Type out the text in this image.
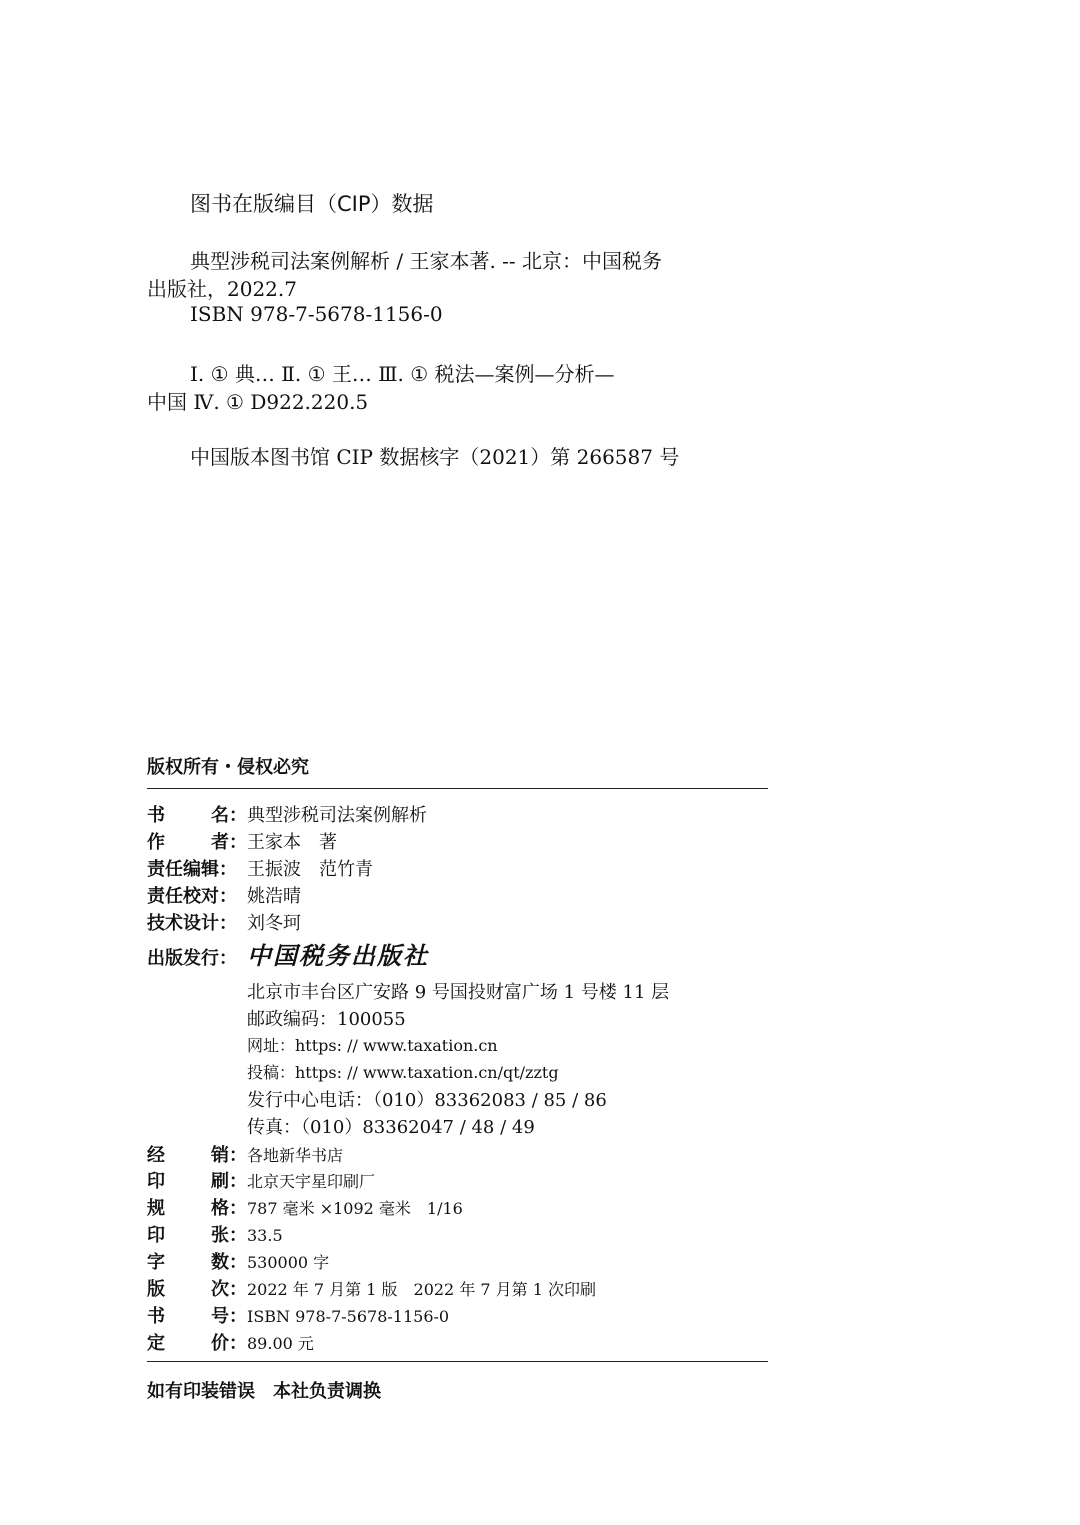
图书在版编目（CIP）数据
典型涉税司法案例解析 / 王家本著. -- 北京：中国税务
出版社，2022.7
ISBN 978-7-5678-1156-0
Ⅰ. ① 典… Ⅱ. ① 王… Ⅲ. ① 税法—案例—分析—
中国 Ⅳ. ① D922.220.5
中国版本图书馆 CIP 数据核字（2021）第 266587 号
版权所有・侵权必究
书	名： 典型涉税司法案例解析
作	者： 王家本　著
责任编辑： 王振波　范竹青
责任校对： 姚浩晴
技术设计： 刘冬珂
出版发行： 中国税务出版社
北京市丰台区广安路 9 号国投财富广场 1 号楼 11 层
邮政编码：100055
网址：https: // www.taxation.cn
投稿：https: // www.taxation.cn/qt/zztg
发行中心电话：（010）83362083 / 85 / 86
传真：（010）83362047 / 48 / 49
经	销： 各地新华书店
印	刷： 北京天宇星印刷厂
规	格： 787 毫米 ×1092 毫米　1/16
印	张： 33.5
字	数： 530000 字
版	次： 2022 年 7 月第 1 版　2022 年 7 月第 1 次印刷
书	号： ISBN 978-7-5678-1156-0
定	价： 89.00 元
如有印装错误　本社负责调换
